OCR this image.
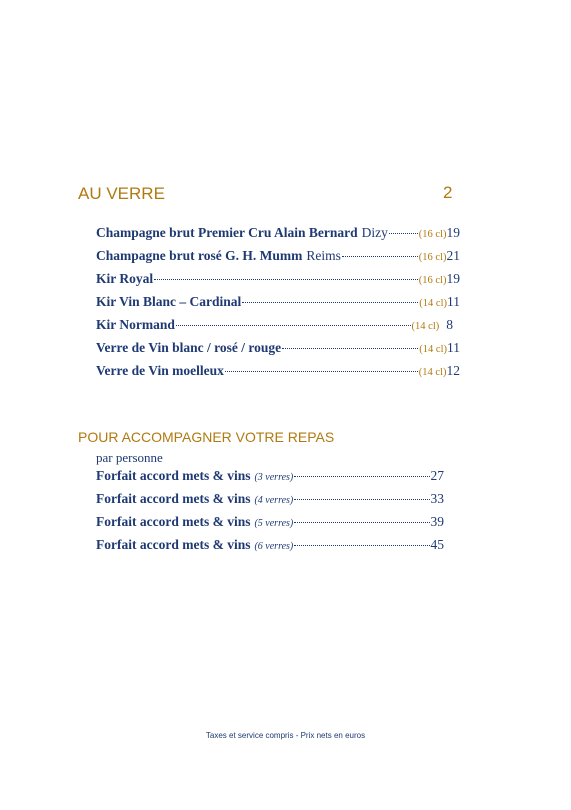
AU VERRE	2
Champagne brut Premier Cru Alain Bernard Dizy	(16 cl) 19
Champagne brut rosé G. H. Mumm Reims	(16 cl) 21
Kir Royal	(16 cl) 19
Kir Vin Blanc – Cardinal	(14 cl) 11
Kir Normand	(14 cl) 8
Verre de Vin blanc / rosé / rouge	(14 cl) 11
Verre de Vin moelleux	(14 cl) 12
POUR ACCOMPAGNER VOTRE REPAS
par personne
Forfait accord mets & vins (3 verres)	27
Forfait accord mets & vins (4 verres)	33
Forfait accord mets & vins (5 verres)	39
Forfait accord mets & vins (6 verres)	45
Taxes et service compris - Prix nets en euros
